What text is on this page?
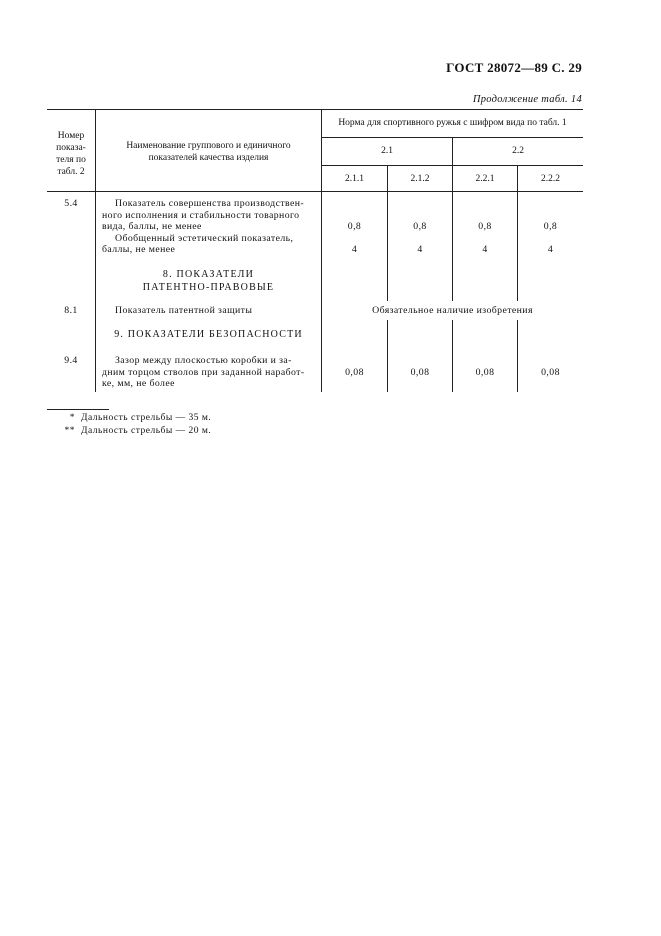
ГОСТ 28072—89 С. 29
Продолжение табл. 14
Номер
показа-
теля по
табл. 2
Наименование группового и единичного
показателей качества изделия
Норма для спортивного ружья с шифром вида по табл. 1
2.1	2.2
2.1.1	2.1.2	2.2.1	2.2.2
5.4	Показатель совершенства производствен-
ного исполнения и стабильности товарного
вида, баллы, не менее
Обобщенный эстетический показатель,
баллы, не менее
0,8	0,8	0,8	0,8
4	4	4	4
8. ПОКАЗАТЕЛИ
ПАТЕНТНО-ПРАВОВЫЕ
8.1	Показатель патентной защиты	Обязательное наличие изобретения
9. ПОКАЗАТЕЛИ БЕЗОПАСНОСТИ
9.4	Зазор между плоскостью коробки и за-
дним торцом стволов при заданной наработ-
ке, мм, не более
0,08	0,08	0,08	0,08
* Дальность стрельбы — 35 м.
** Дальность стрельбы — 20 м.
